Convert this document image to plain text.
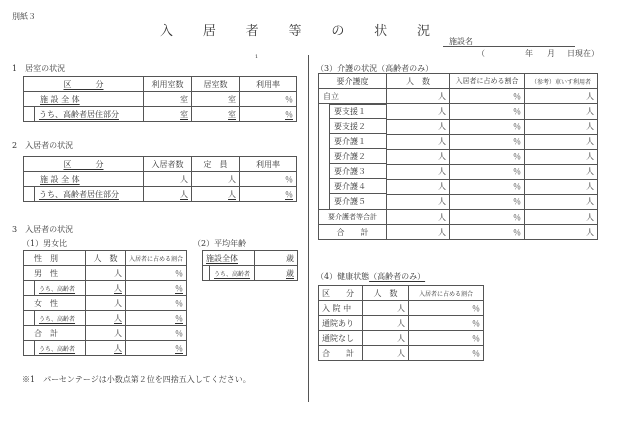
別紙３
入 居 者 等 の 状 況
施設名
（	年 月 日現在）
1
1　居室の状況
区　　　分	利用室数	居室数	利用率
施 設 全 体	室	室	％

うち、高齢者居住部分	室	室	％
2　入居者の状況
区　　　分	入居者数	定　員	利用率
施 設 全 体	人	人	％

うち、高齢者居住部分	人	人	％
3　入居者の状況
（1）男女比
性　別	人　数	入居者に占める割合
男　性	人	％

うち、高齢者	人	％
女　性	人	％

うち、高齢者	人	％
合　計	人	％

うち、高齢者	人	％
（2）平均年齢
施設全体	歳

うち、高齢者	歳
※1　パーセンテージは小数点第２位を四捨五入してください。
（3）介護の状況（高齢者のみ）
要介護度	人　数	入居者に占める割合	（参考）車いす利用者
自立	人	％	人

要支援１	人	％	人

要支援２	人	％	人

要介護１	人	％	人

要介護２	人	％	人

要介護３	人	％	人

要介護４	人	％	人

要介護５	人	％	人
要介護者等合計	人	％	人
合　　計	人	％	人
（4）健康状態（高齢者のみ）
区　　分	人　数	入居者に占める割合
入 院 中	人	％
通院あり	人	％
通院なし	人	％
合　　計	人	％
